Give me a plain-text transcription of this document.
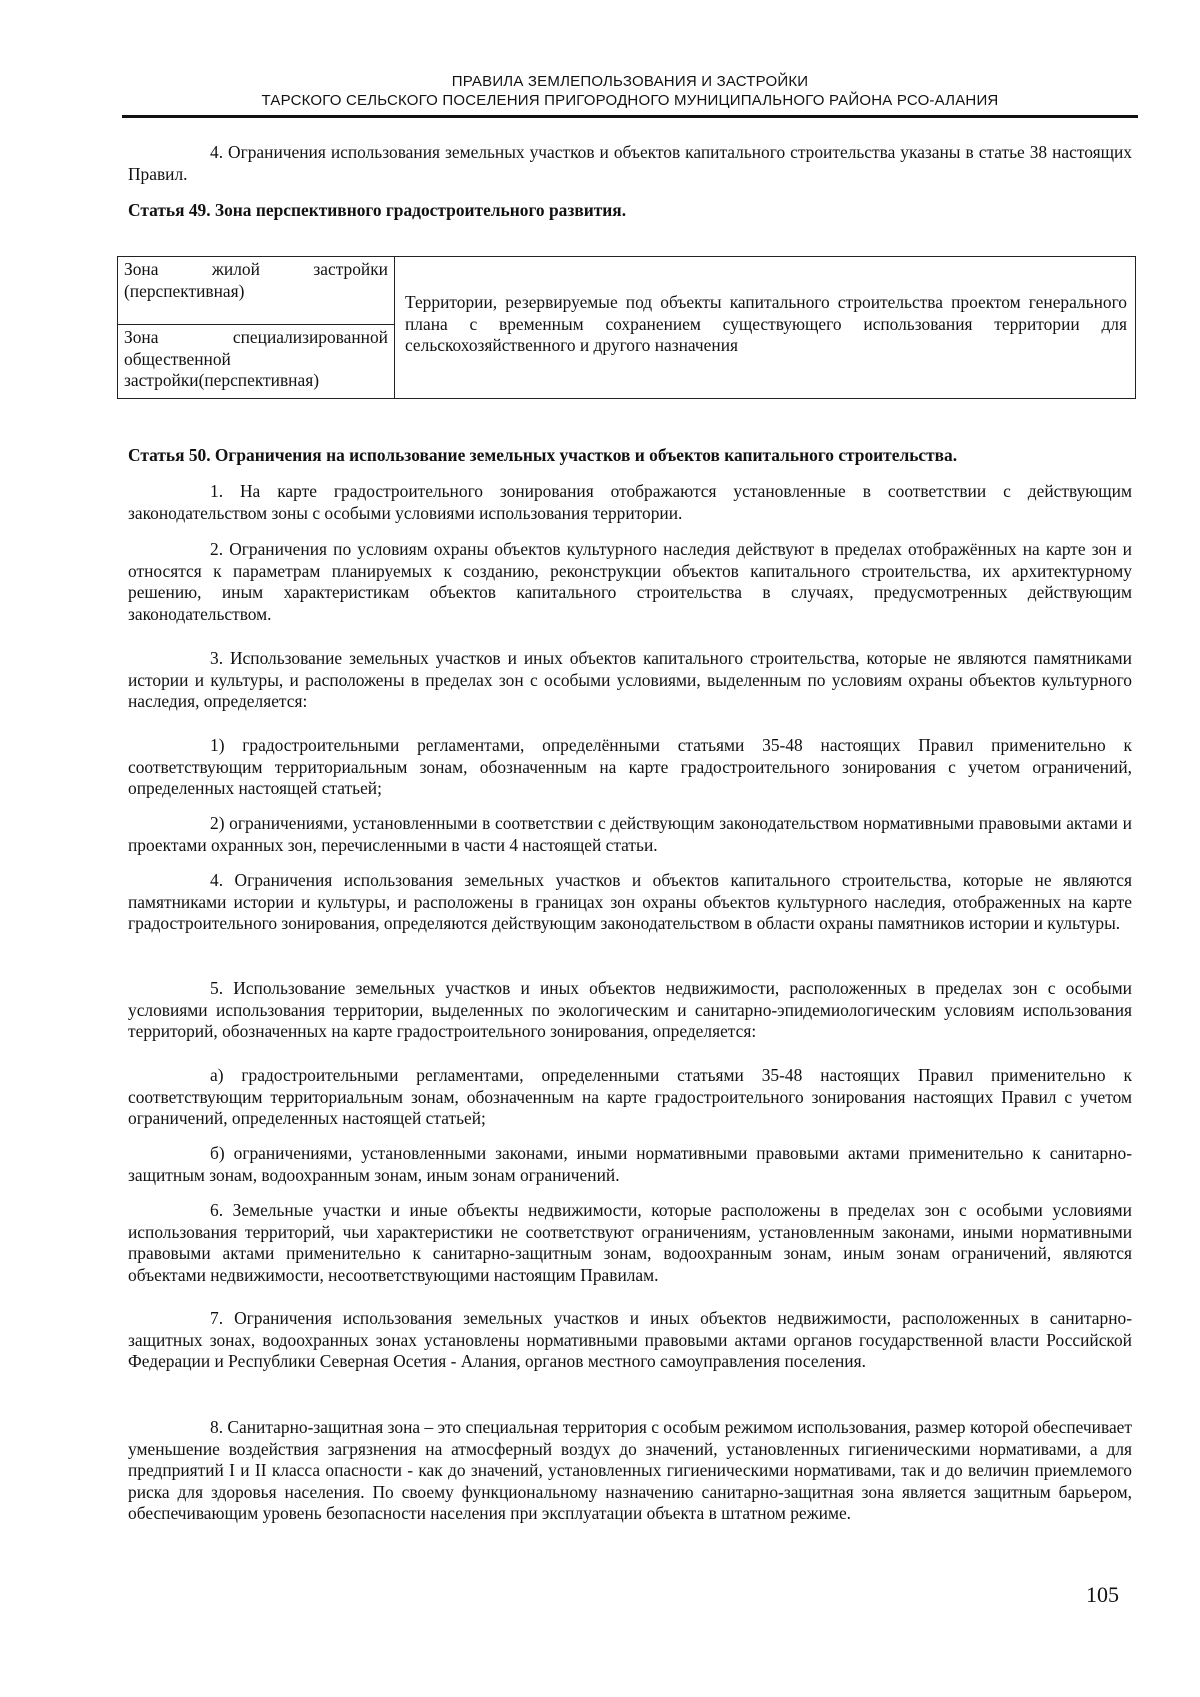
ПРАВИЛА ЗЕМЛЕПОЛЬЗОВАНИЯ И ЗАСТРОЙКИ
ТАРСКОГО СЕЛЬСКОГО ПОСЕЛЕНИЯ ПРИГОРОДНОГО МУНИЦИПАЛЬНОГО РАЙОНА РСО-АЛАНИЯ

4. Ограничения использования земельных участков и объектов капитального строительства указаны в статье 38 настоящих Правил.

Статья 49. Зона перспективного градостроительного развития.

Зона жилой застройки (перспективная)	Территории, резервируемые под объекты капитального строительства проектом генерального плана с временным сохранением существующего использования территории для сельскохозяйственного и другого назначения
Зона специализированной общественной застройки(перспективная)

Статья 50. Ограничения на использование земельных участков и объектов капитального строительства.

1. На карте градостроительного зонирования отображаются установленные в соответствии с действующим законодательством зоны с особыми условиями использования территории.

2. Ограничения по условиям охраны объектов культурного наследия действуют в пределах отображённых на карте зон и относятся к параметрам планируемых к созданию, реконструкции объектов капитального строительства, их архитектурному решению, иным характеристикам объектов капитального строительства в случаях, предусмотренных действующим законодательством.

3. Использование земельных участков и иных объектов капитального строительства, которые не являются памятниками истории и культуры, и расположены в пределах зон с особыми условиями, выделенным по условиям охраны объектов культурного наследия, определяется:

1) градостроительными регламентами, определёнными статьями 35-48 настоящих Правил применительно к соответствующим территориальным зонам, обозначенным на карте градостроительного зонирования с учетом ограничений, определенных настоящей статьей;

2) ограничениями, установленными в соответствии с действующим законодательством нормативными правовыми актами и проектами охранных зон, перечисленными в части 4 настоящей статьи.

4. Ограничения использования земельных участков и объектов капитального строительства, которые не являются памятниками истории и культуры, и расположены в границах зон охраны объектов культурного наследия, отображенных на карте градостроительного зонирования, определяются действующим законодательством в области охраны памятников истории и культуры.

5. Использование земельных участков и иных объектов недвижимости, расположенных в пределах зон с особыми условиями использования территории, выделенных по экологическим и санитарно-эпидемиологическим условиям использования территорий, обозначенных на карте градостроительного зонирования, определяется:

а) градостроительными регламентами, определенными статьями 35-48 настоящих Правил применительно к соответствующим территориальным зонам, обозначенным на карте градостроительного зонирования настоящих Правил с учетом ограничений, определенных настоящей статьей;

б) ограничениями, установленными законами, иными нормативными правовыми актами применительно к санитарно-защитным зонам, водоохранным зонам, иным зонам ограничений.

6. Земельные участки и иные объекты недвижимости, которые расположены в пределах зон с особыми условиями использования территорий, чьи характеристики не соответствуют ограничениям, установленным законами, иными нормативными правовыми актами применительно к санитарно-защитным зонам, водоохранным зонам, иным зонам ограничений, являются объектами недвижимости, несоответствующими настоящим Правилам.

7. Ограничения использования земельных участков и иных объектов недвижимости, расположенных в санитарно-защитных зонах, водоохранных зонах установлены нормативными правовыми актами органов государственной власти Российской Федерации и Республики Северная Осетия - Алания, органов местного самоуправления поселения.

8. Санитарно-защитная зона – это специальная территория с особым режимом использования, размер которой обеспечивает уменьшение воздействия загрязнения на атмосферный воздух до значений, установленных гигиеническими нормативами, а для предприятий I и II класса опасности - как до значений, установленных гигиеническими нормативами, так и до величин приемлемого риска для здоровья населения. По своему функциональному назначению санитарно-защитная зона является защитным барьером, обеспечивающим уровень безопасности населения при эксплуатации объекта в штатном режиме.

105
